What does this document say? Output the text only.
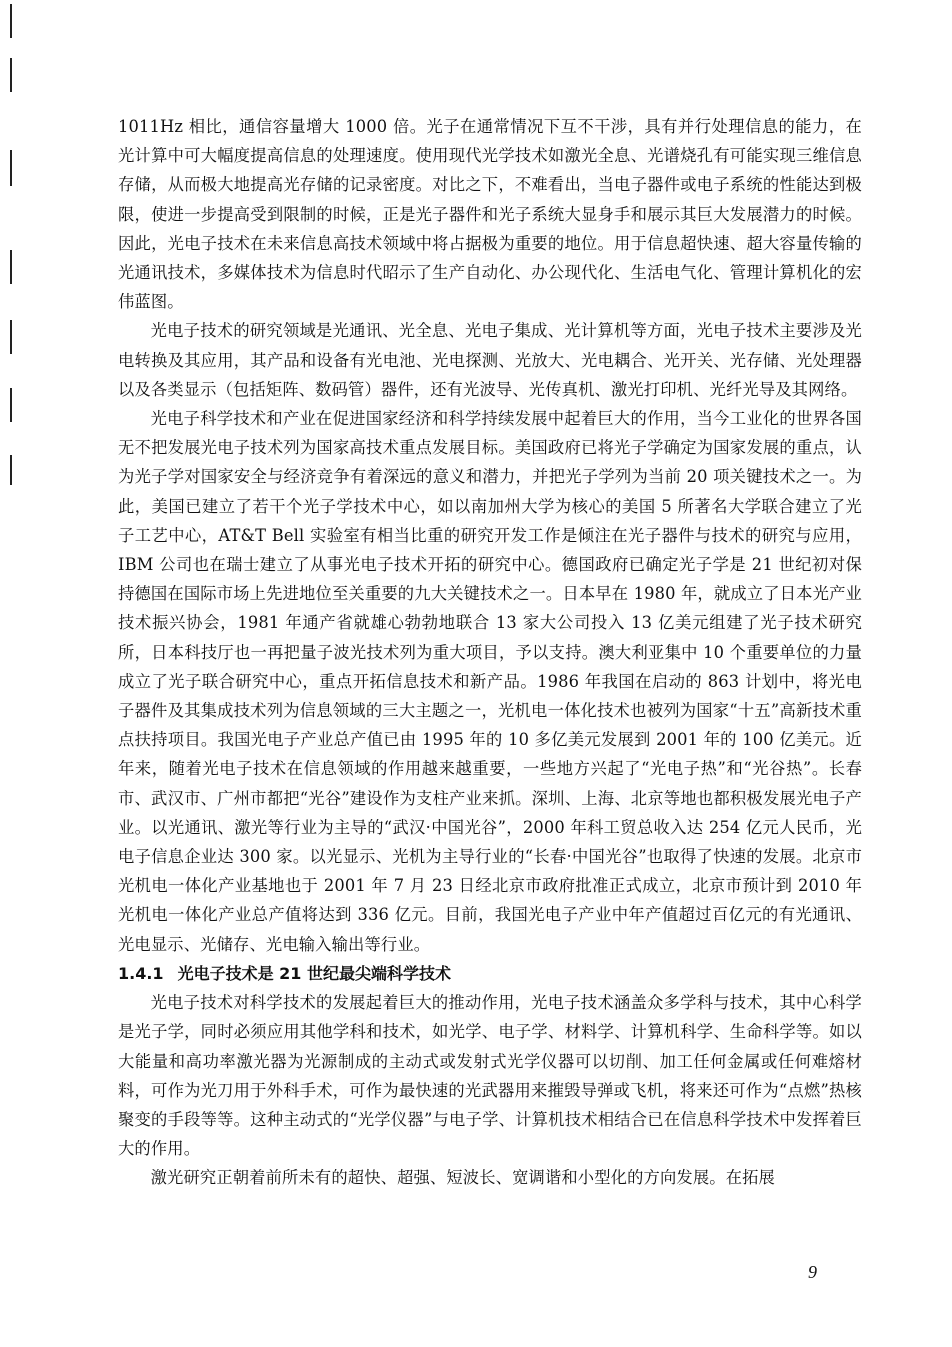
1011Hz 相比，通信容量增大 1000 倍。光子在通常情况下互不干涉，具有并行处理信息的能力，在光计算中可大幅度提高信息的处理速度。使用现代光学技术如激光全息、光谱烧孔有可能实现三维信息存储，从而极大地提高光存储的记录密度。对比之下，不难看出，当电子器件或电子系统的性能达到极限，使进一步提高受到限制的时候，正是光子器件和光子系统大显身手和展示其巨大发展潜力的时候。因此，光电子技术在未来信息高技术领域中将占据极为重要的地位。用于信息超快速、超大容量传输的光通讯技术，多媒体技术为信息时代昭示了生产自动化、办公现代化、生活电气化、管理计算机化的宏伟蓝图。

光电子技术的研究领域是光通讯、光全息、光电子集成、光计算机等方面，光电子技术主要涉及光电转换及其应用，其产品和设备有光电池、光电探测、光放大、光电耦合、光开关、光存储、光处理器以及各类显示（包括矩阵、数码管）器件，还有光波导、光传真机、激光打印机、光纤光导及其网络。

光电子科学技术和产业在促进国家经济和科学持续发展中起着巨大的作用，当今工业化的世界各国无不把发展光电子技术列为国家高技术重点发展目标。美国政府已将光子学确定为国家发展的重点，认为光子学对国家安全与经济竞争有着深远的意义和潜力，并把光子学列为当前 20 项关键技术之一。为此，美国已建立了若干个光子学技术中心，如以南加州大学为核心的美国 5 所著名大学联合建立了光子工艺中心，AT&T Bell 实验室有相当比重的研究开发工作是倾注在光子器件与技术的研究与应用，IBM 公司也在瑞士建立了从事光电子技术开拓的研究中心。德国政府已确定光子学是 21 世纪初对保持德国在国际市场上先进地位至关重要的九大关键技术之一。日本早在 1980 年，就成立了日本光产业技术振兴协会，1981 年通产省就雄心勃勃地联合 13 家大公司投入 13 亿美元组建了光子技术研究所，日本科技厅也一再把量子波光技术列为重大项目，予以支持。澳大利亚集中 10 个重要单位的力量成立了光子联合研究中心，重点开拓信息技术和新产品。1986 年我国在启动的 863 计划中，将光电子器件及其集成技术列为信息领域的三大主题之一，光机电一体化技术也被列为国家“十五”高新技术重点扶持项目。我国光电子产业总产值已由 1995 年的 10 多亿美元发展到 2001 年的 100 亿美元。近年来，随着光电子技术在信息领域的作用越来越重要，一些地方兴起了“光电子热”和“光谷热”。长春市、武汉市、广州市都把“光谷”建设作为支柱产业来抓。深圳、上海、北京等地也都积极发展光电子产业。以光通讯、激光等行业为主导的“武汉·中国光谷”，2000 年科工贸总收入达 254 亿元人民币，光电子信息企业达 300 家。以光显示、光机为主导行业的“长春·中国光谷”也取得了快速的发展。北京市光机电一体化产业基地也于 2001 年 7 月 23 日经北京市政府批准正式成立，北京市预计到 2010 年光机电一体化产业总产值将达到 336 亿元。目前，我国光电子产业中年产值超过百亿元的有光通讯、光电显示、光储存、光电输入输出等行业。

1.4.1 光电子技术是 21 世纪最尖端科学技术

光电子技术对科学技术的发展起着巨大的推动作用，光电子技术涵盖众多学科与技术，其中心科学是光子学，同时必须应用其他学科和技术，如光学、电子学、材料学、计算机科学、生命科学等。如以大能量和高功率激光器为光源制成的主动式或发射式光学仪器可以切削、加工任何金属或任何难熔材料，可作为光刀用于外科手术，可作为最快速的光武器用来摧毁导弹或飞机，将来还可作为“点燃”热核聚变的手段等等。这种主动式的“光学仪器”与电子学、计算机技术相结合已在信息科学技术中发挥着巨大的作用。

激光研究正朝着前所未有的超快、超强、短波长、宽调谐和小型化的方向发展。在拓展

9
